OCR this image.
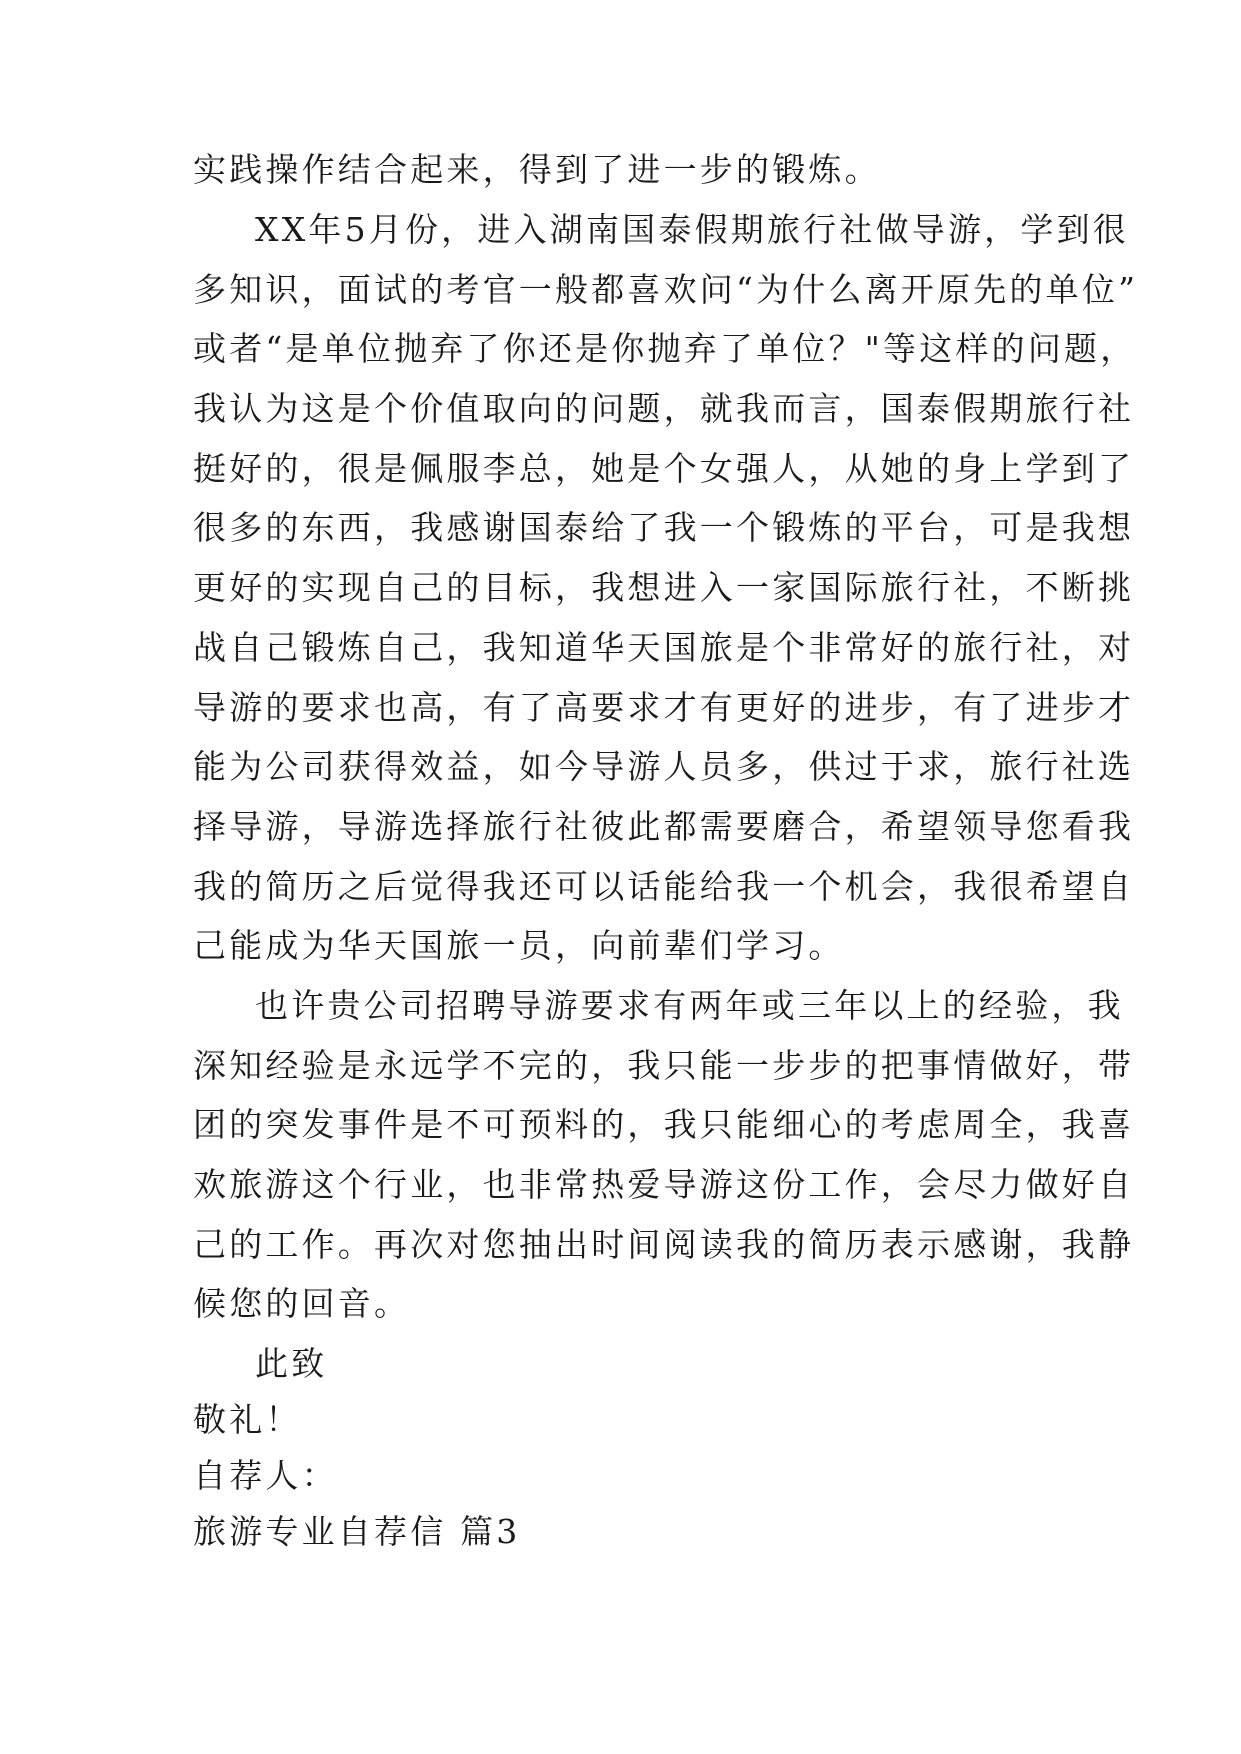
实践操作结合起来，得到了进一步的锻炼。
XX年5月份，进入湖南国泰假期旅行社做导游，学到很
多知识，面试的考官一般都喜欢问“为什么离开原先的单位”
或者“是单位抛弃了你还是你抛弃了单位？"等这样的问题，
我认为这是个价值取向的问题，就我而言，国泰假期旅行社
挺好的，很是佩服李总，她是个女强人，从她的身上学到了
很多的东西，我感谢国泰给了我一个锻炼的平台，可是我想
更好的实现自己的目标，我想进入一家国际旅行社，不断挑
战自己锻炼自己，我知道华天国旅是个非常好的旅行社，对
导游的要求也高，有了高要求才有更好的进步，有了进步才
能为公司获得效益，如今导游人员多，供过于求，旅行社选
择导游，导游选择旅行社彼此都需要磨合，希望领导您看我
我的简历之后觉得我还可以话能给我一个机会，我很希望自
己能成为华天国旅一员，向前辈们学习。
也许贵公司招聘导游要求有两年或三年以上的经验，我
深知经验是永远学不完的，我只能一步步的把事情做好，带
团的突发事件是不可预料的，我只能细心的考虑周全，我喜
欢旅游这个行业，也非常热爱导游这份工作，会尽力做好自
己的工作。再次对您抽出时间阅读我的简历表示感谢，我静
候您的回音。
此致
敬礼！
自荐人：
旅游专业自荐信 篇3
